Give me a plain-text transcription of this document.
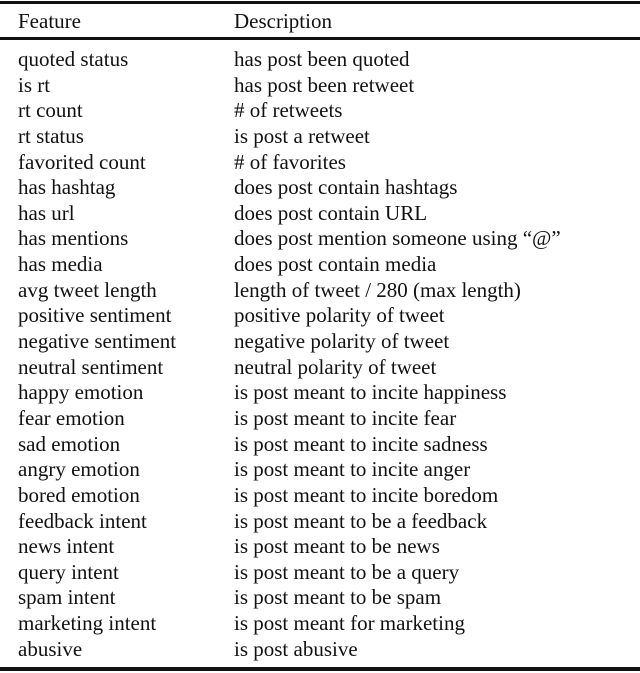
Feature	Description
quoted status	has post been quoted
is rt	has post been retweet
rt count	# of retweets
rt status	is post a retweet
favorited count	# of favorites
has hashtag	does post contain hashtags
has url	does post contain URL
has mentions	does post mention someone using “@”
has media	does post contain media
avg tweet length	length of tweet / 280 (max length)
positive sentiment	positive polarity of tweet
negative sentiment	negative polarity of tweet
neutral sentiment	neutral polarity of tweet
happy emotion	is post meant to incite happiness
fear emotion	is post meant to incite fear
sad emotion	is post meant to incite sadness
angry emotion	is post meant to incite anger
bored emotion	is post meant to incite boredom
feedback intent	is post meant to be a feedback
news intent	is post meant to be news
query intent	is post meant to be a query
spam intent	is post meant to be spam
marketing intent	is post meant for marketing
abusive	is post abusive
